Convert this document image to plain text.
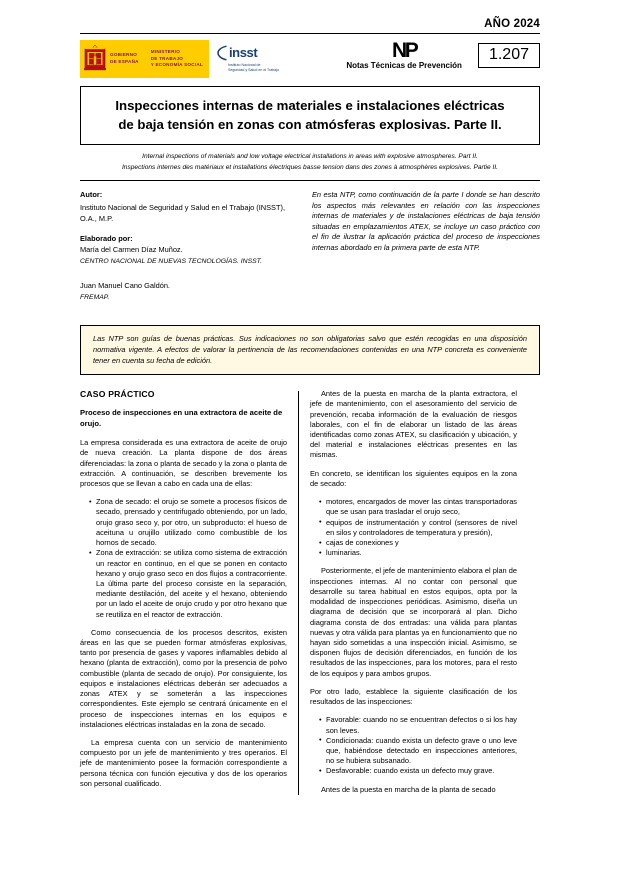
AÑO 2024
GOBIERNO
DE ESPAÑA
MINISTERIO
DE TRABAJO
Y ECONOMÍA SOCIAL
insst
Instituto Nacional de
Seguridad y Salud en el Trabajo
NP
Notas Técnicas de Prevención
1.207
Inspecciones internas de materiales e instalaciones eléctricas
de baja tensión en zonas con atmósferas explosivas. Parte II.
Internal inspections of materials and low voltage electrical installations in areas with explosive atmospheres. Part II.
Inspections internes des matériaux et installations électriques basse tension dans des zones à atmosphères explosives. Partie II.

Autor:

Instituto Nacional de Seguridad y Salud en el Trabajo (INSST), O.A., M.P.

Elaborado por:

María del Carmen Díaz Muñoz.

CENTRO NACIONAL DE NUEVAS TECNOLOGÍAS. INSST.

Juan Manuel Cano Galdón.

FREMAP.

En esta NTP, como continuación de la parte I donde se han descrito los aspectos más relevantes en relación con las inspecciones internas de materiales y de instalaciones eléctricas de baja tensión situadas en emplazamientos ATEX, se incluye un caso práctico con el fin de ilustrar la aplicación práctica del proceso de inspecciones internas abordado en la primera parte de esta NTP.

Las NTP son guías de buenas prácticas. Sus indicaciones no son obligatorias salvo que estén recogidas en una disposición normativa vigente. A efectos de valorar la pertinencia de las recomendaciones contenidas en una NTP concreta es conveniente tener en cuenta su fecha de edición.

CASO PRÁCTICO
Proceso de inspecciones en una extractora de aceite de orujo.

La empresa considerada es una extractora de aceite de orujo de nueva creación. La planta dispone de dos áreas diferenciadas: la zona o planta de secado y la zona o planta de extracción. A continuación, se describen brevemente los procesos que se llevan a cabo en cada una de ellas:

• Zona de secado: el orujo se somete a procesos físicos de secado, prensado y centrifugado obteniendo, por un lado, orujo graso seco y, por otro, un subproducto: el hueso de aceituna u orujillo utilizado como combustible de los hornos de secado.
• Zona de extracción: se utiliza como sistema de extracción un reactor en continuo, en el que se ponen en contacto hexano y orujo graso seco en dos flujos a contracorriente. La última parte del proceso consiste en la separación, mediante destilación, del aceite y el hexano, obteniendo por un lado el aceite de orujo crudo y por otro hexano que se reutiliza en el reactor de extracción.

Como consecuencia de los procesos descritos, existen áreas en las que se pueden formar atmósferas explosivas, tanto por presencia de gases y vapores inflamables debido al hexano (planta de extracción), como por la presencia de polvo combustible (planta de secado de orujo). Por consiguiente, los equipos e instalaciones eléctricas deberán ser adecuados a zonas ATEX y se someterán a las inspecciones correspondientes. Este ejemplo se centrará únicamente en el proceso de inspecciones internas en los equipos e instalaciones eléctricas instaladas en la zona de secado.

La empresa cuenta con un servicio de mantenimiento compuesto por un jefe de mantenimiento y tres operarios. El jefe de mantenimiento posee la formación correspondiente a persona técnica con función ejecutiva y dos de los operarios son personal cualificado.

Antes de la puesta en marcha de la planta extractora, el jefe de mantenimiento, con el asesoramiento del servicio de prevención, recaba información de la evaluación de riesgos laborales, con el fin de elaborar un listado de las áreas identificadas como zonas ATEX, su clasificación y ubicación, y del material e instalaciones eléctricas presentes en las mismas.

En concreto, se identifican los siguientes equipos en la zona de secado:

• motores, encargados de mover las cintas transportadoras que se usan para trasladar el orujo seco,
• equipos de instrumentación y control (sensores de nivel en silos y controladores de temperatura y presión),
• cajas de conexiones y
• luminarias.

Posteriormente, el jefe de mantenimiento elabora el plan de inspecciones internas. Al no contar con personal que desarrolle su tarea habitual en estos equipos, opta por la modalidad de inspecciones periódicas. Asimismo, diseña un diagrama de decisión que se incorporará al plan. Dicho diagrama consta de dos entradas: una válida para plantas nuevas y otra válida para plantas ya en funcionamiento que no hayan sido sometidas a una inspección inicial. Asimismo, se disponen flujos de decisión diferenciados, en función de los resultados de las inspecciones, para los motores, para el resto de los equipos y para ambos grupos.

Por otro lado, establece la siguiente clasificación de los resultados de las inspecciones:

• Favorable: cuando no se encuentran defectos o si los hay son leves.
• Condicionada: cuando exista un defecto grave o uno leve que, habiéndose detectado en inspecciones anteriores, no se hubiera subsanado.
• Desfavorable: cuando exista un defecto muy grave.

Antes de la puesta en marcha de la planta de secado
